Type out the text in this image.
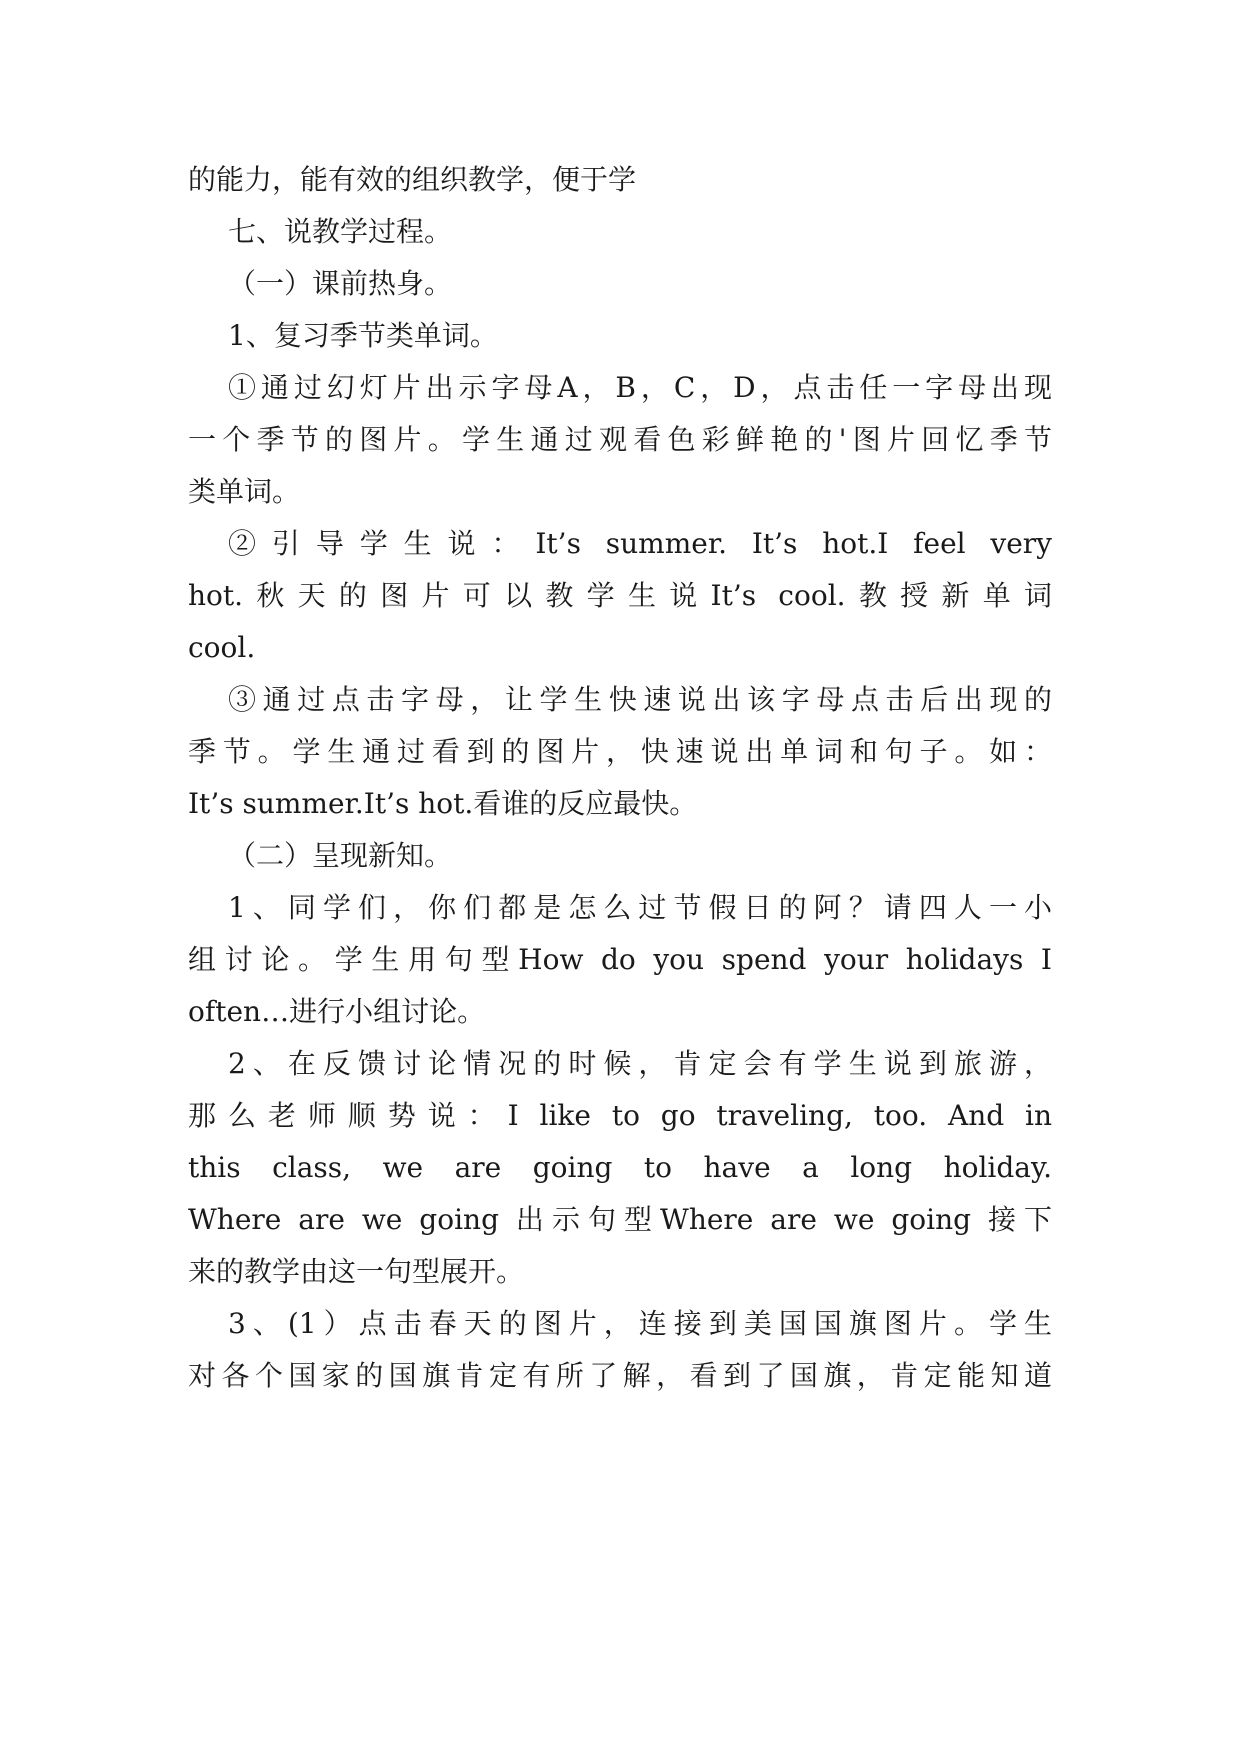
的能力，能有效的组织教学，便于学
七、说教学过程。
（一）课前热身。
1、复习季节类单词。
①通过幻灯片出示字母A，B，C，D，点击任一字母出现
一个季节的图片。学生通过观看色彩鲜艳的'图片回忆季节
类单词。
②引导学生说：It’s summer. It’s hot.I feel very
hot.秋天的图片可以教学生说It’s cool.教授新单词
cool.
③通过点击字母，让学生快速说出该字母点击后出现的
季节。学生通过看到的图片，快速说出单词和句子。如：
It’s summer.It’s hot.看谁的反应最快。
（二）呈现新知。
1、同学们，你们都是怎么过节假日的阿？请四人一小
组讨论。学生用句型How do you spend your holidays I
often…进行小组讨论。
2、在反馈讨论情况的时候，肯定会有学生说到旅游，
那么老师顺势说：I like to go traveling, too. And in
this class, we are going to have a long holiday.
Where are we going 出示句型Where are we going 接下
来的教学由这一句型展开。
3、(1）点击春天的图片，连接到美国国旗图片。学生
对各个国家的国旗肯定有所了解，看到了国旗，肯定能知道
